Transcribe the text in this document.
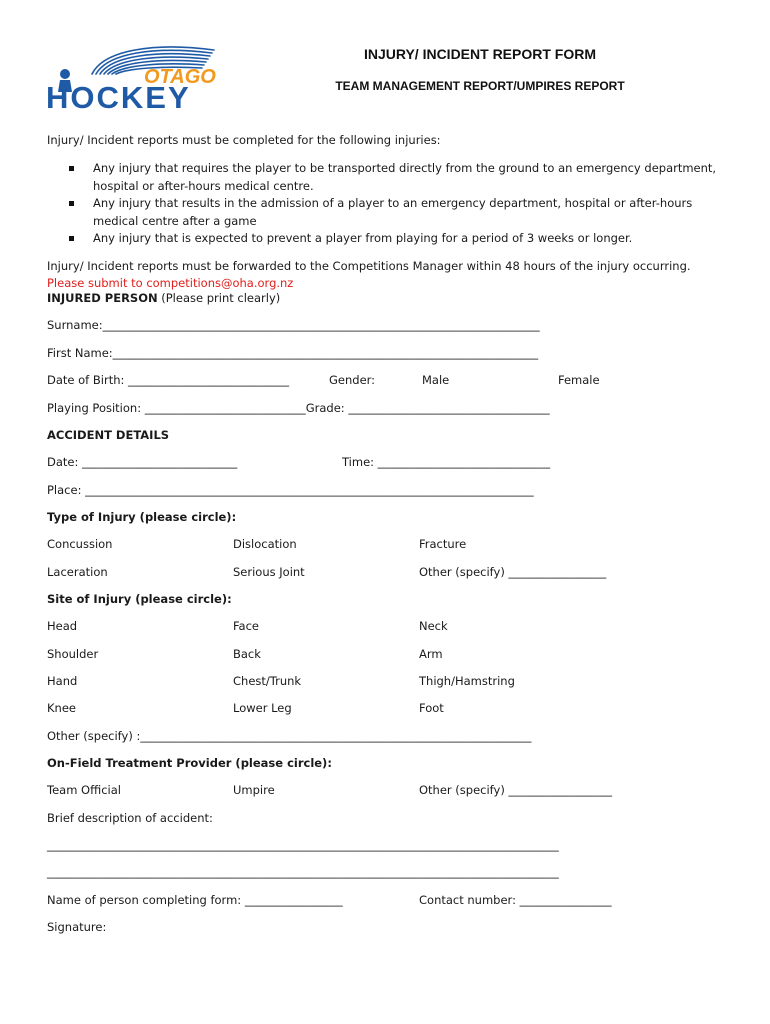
OTAGO
HOCKEY
INJURY/ INCIDENT REPORT FORM
TEAM MANAGEMENT REPORT/UMPIRES REPORT
Injury/ Incident reports must be completed for the following injuries:
Any injury that requires the player to be transported directly from the ground to an emergency department, hospital or after-hours medical centre.
Any injury that results in the admission of a player to an emergency department, hospital or after-hours medical centre after a game
Any injury that is expected to prevent a player from playing for a period of 3 weeks or longer.
Injury/ Incident reports must be forwarded to the Competitions Manager within 48 hours of the injury occurring.
Please submit to competitions@oha.org.nz
INJURED PERSON (Please print clearly)
Surname:____________________________________________________________________________
First Name:__________________________________________________________________________
Date of Birth: ____________________________	Gender:	Male	Female
Playing Position: ____________________________Grade: ___________________________________
ACCIDENT DETAILS
Date: ___________________________	Time: ______________________________
Place: ______________________________________________________________________________
Type of Injury (please circle):
Concussion	Dislocation	Fracture
Laceration	Serious Joint	Other (specify) _________________
Site of Injury (please circle):
Head	Face	Neck
Shoulder	Back	Arm
Hand	Chest/Trunk	Thigh/Hamstring
Knee	Lower Leg	Foot
Other (specify) :____________________________________________________________________
On-Field Treatment Provider (please circle):
Team Official	Umpire	Other (specify) __________________
Brief description of accident:
_________________________________________________________________________________________
_________________________________________________________________________________________
Name of person completing form: _________________	Contact number: ________________
Signature:
